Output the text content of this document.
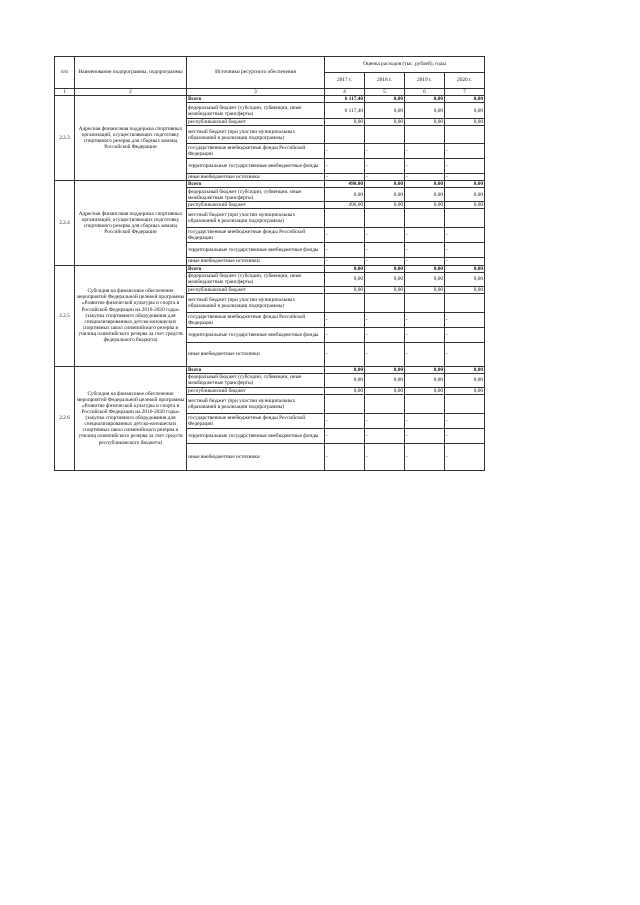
п/п	Наименование подпрограммы, подпрограммы	Источники ресурсного обеспечения	Оценка расходов (тыс. рублей), годы			
			2017 г.	2018 г.	2019 г.	2020 г.
1	2	3	4	5	6	7
2.2.3	Адресная финансовая поддержка спортивных организаций, осуществляющих подготовку спортивного резерва для сборных команд Российской Федерации	Всего	6 117,40	0,00	0,00	0,00
		федеральный бюджет (субсидии, субвенции, иные межбюджетные трансферты)	6 117,40	0,00	0,00	0,00
		республиканский бюджет	0,00	0,00	0,00	0,00
		местный бюджет (при участии муниципальных образований в реализации подпрограммы)				
		государственные внебюджетные фонды Российской Федерации	-	-	-	-
		территориальные государственные внебюджетные фонды	-	-	-	-
		иные внебюджетные источники	-	-	-	-
2.2.4	Адресная финансовая поддержка спортивных организаций, осуществляющих подготовку спортивного резерва для сборных команд Российской Федерации	Всего	490,00	0,00	0,00	0,00
		федеральный бюджет (субсидии, субвенции, иные межбюджетные трансферты)	0,00	0,00	0,00	0,00
		республиканский бюджет	490,00	0,00	0,00	0,00
		местный бюджет (при участии муниципальных образований в реализации подпрограммы)				
		государственные внебюджетные фонды Российской Федерации	-	-	-	-
		территориальные государственные внебюджетные фонды	-	-	-	-
		иные внебюджетные источники	-	-	-	-
2.2.5	Субсидия на финансовое обеспечение мероприятий Федеральной целевой программы «Развитие физической культуры и спорта в Российской Федерации на 2016-2020 годы» (закупка спортивного оборудования для специализированных детско-юношеских спортивных школ олимпийского резерва и училищ олимпийского резерва за счет средств федерального бюджета)	Всего	0,00	0,00	0,00	0,00
		федеральный бюджет (субсидии, субвенции, иные межбюджетные трансферты)	0,00	0,00	0,00	0,00
		республиканский бюджет	0,00	0,00	0,00	0,00
		местный бюджет (при участии муниципальных образований в реализации подпрограммы)				
		государственные внебюджетные фонды Российской Федерации	-	-	-	-
		территориальные государственные внебюджетные фонды	-	-	-	-
		иные внебюджетные источники	-	-	-	-
2.2.6	Субсидия на финансовое обеспечение мероприятий Федеральной целевой программы «Развитие физической культуры и спорта в Российской Федерации на 2016-2020 годы» (закупка спортивного оборудования для специализированных детско-юношеских спортивных школ олимпийского резерва и училищ олимпийского резерва за счет средств республиканского бюджета)	Всего	0,00	0,00	0,00	0,00
		федеральный бюджет (субсидии, субвенции, иные межбюджетные трансферты)	0,00	0,00	0,00	0,00
		республиканский бюджет	0,00	0,00	0,00	0,00
		местный бюджет (при участии муниципальных образований в реализации подпрограммы)				
		государственные внебюджетные фонды Российской Федерации	-	-	-	-
		территориальные государственные внебюджетные фонды	-	-	-	-
		иные внебюджетные источники	-	-	-	-
